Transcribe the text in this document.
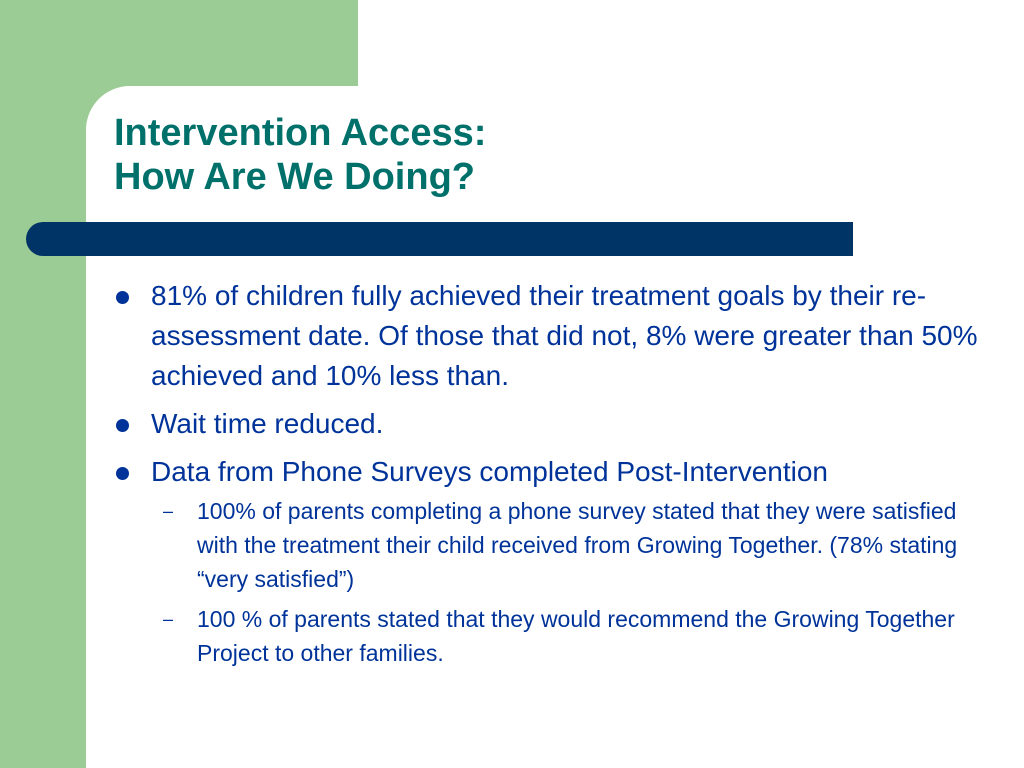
Intervention Access:
How Are We Doing?
81% of children fully achieved their treatment goals by their re-assessment date. Of those that did not, 8% were greater than 50% achieved and 10% less than.
Wait time reduced.
Data from Phone Surveys completed Post-Intervention
– 100% of parents completing a phone survey stated that they were satisfied with the treatment their child received from Growing Together. (78% stating “very satisfied”)
– 100 % of parents stated that they would recommend the Growing Together Project to other families.
